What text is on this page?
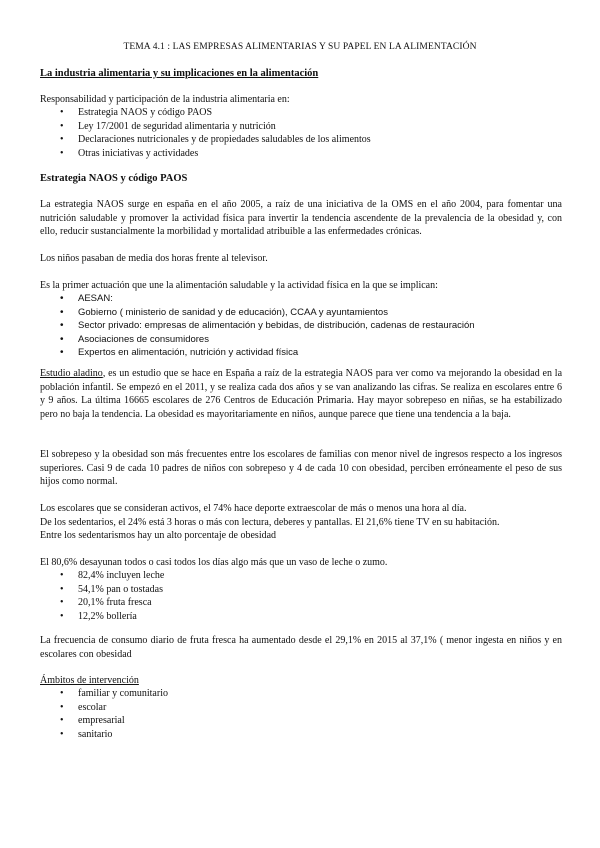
TEMA 4.1 : LAS EMPRESAS ALIMENTARIAS Y SU PAPEL EN LA ALIMENTACIÓN
La industria alimentaria y su implicaciones en la alimentación

Responsabilidad y participación de la industria alimentaria en:

• Estrategia NAOS y código PAOS
• Ley 17/2001 de seguridad alimentaria y nutrición
• Declaraciones nutricionales y de propiedades saludables de los alimentos
• Otras iniciativas y actividades
Estrategia NAOS y código PAOS

La estrategia NAOS surge en españa en el año 2005, a raíz de una iniciativa de la OMS en el año 2004, para fomentar una nutrición saludable y promover la actividad física para invertir la tendencia ascendente de la prevalencia de la obesidad y, con ello, reducir sustancialmente la morbilidad y mortalidad atribuible a las enfermedades crónicas.

Los niños pasaban de media dos horas frente al televisor.

Es la primer actuación que une la alimentación saludable y la actividad física en la que se implican:

• AESAN:
• Gobierno ( ministerio de sanidad y de educación), CCAA y ayuntamientos
• Sector privado: empresas de alimentación y bebidas, de distribución, cadenas de restauración
• Asociaciones de consumidores
• Expertos en alimentación, nutrición y actividad física

Estudio aladino, es un estudio que se hace en España a raíz de la estrategia NAOS para ver como va mejorando la obesidad en la población infantil. Se empezó en el 2011, y se realiza cada dos años y se van analizando las cifras. Se realiza en escolares entre 6 y 9 años. La última 16665 escolares de 276 Centros de Educación Primaria. Hay mayor sobrepeso en niñas, se ha estabilizado pero no baja la tendencia. La obesidad es mayoritariamente en niños, aunque parece que tiene una tendencia a la baja.

El sobrepeso y la obesidad son más frecuentes entre los escolares de familias con menor nivel de ingresos respecto a los ingresos superiores. Casi 9 de cada 10 padres de niños con sobrepeso y 4 de cada 10 con obesidad, perciben erróneamente el peso de sus hijos como normal.

Los escolares que se consideran activos, el 74% hace deporte extraescolar de más o menos una hora al día.

De los sedentarios, el 24% está 3 horas o más con lectura, deberes y pantallas. El 21,6% tiene TV en su habitación.

Entre los sedentarismos hay un alto porcentaje de obesidad

El 80,6% desayunan todos o casi todos los días algo más que un vaso de leche o zumo.

• 82,4% incluyen leche
• 54,1% pan o tostadas
• 20,1% fruta fresca
• 12,2% bollería

La frecuencia de consumo diario de fruta fresca ha aumentado desde el 29,1% en 2015 al 37,1% ( menor ingesta en niños y en escolares con obesidad

Ámbitos de intervención
• familiar y comunitario
• escolar
• empresarial
• sanitario
